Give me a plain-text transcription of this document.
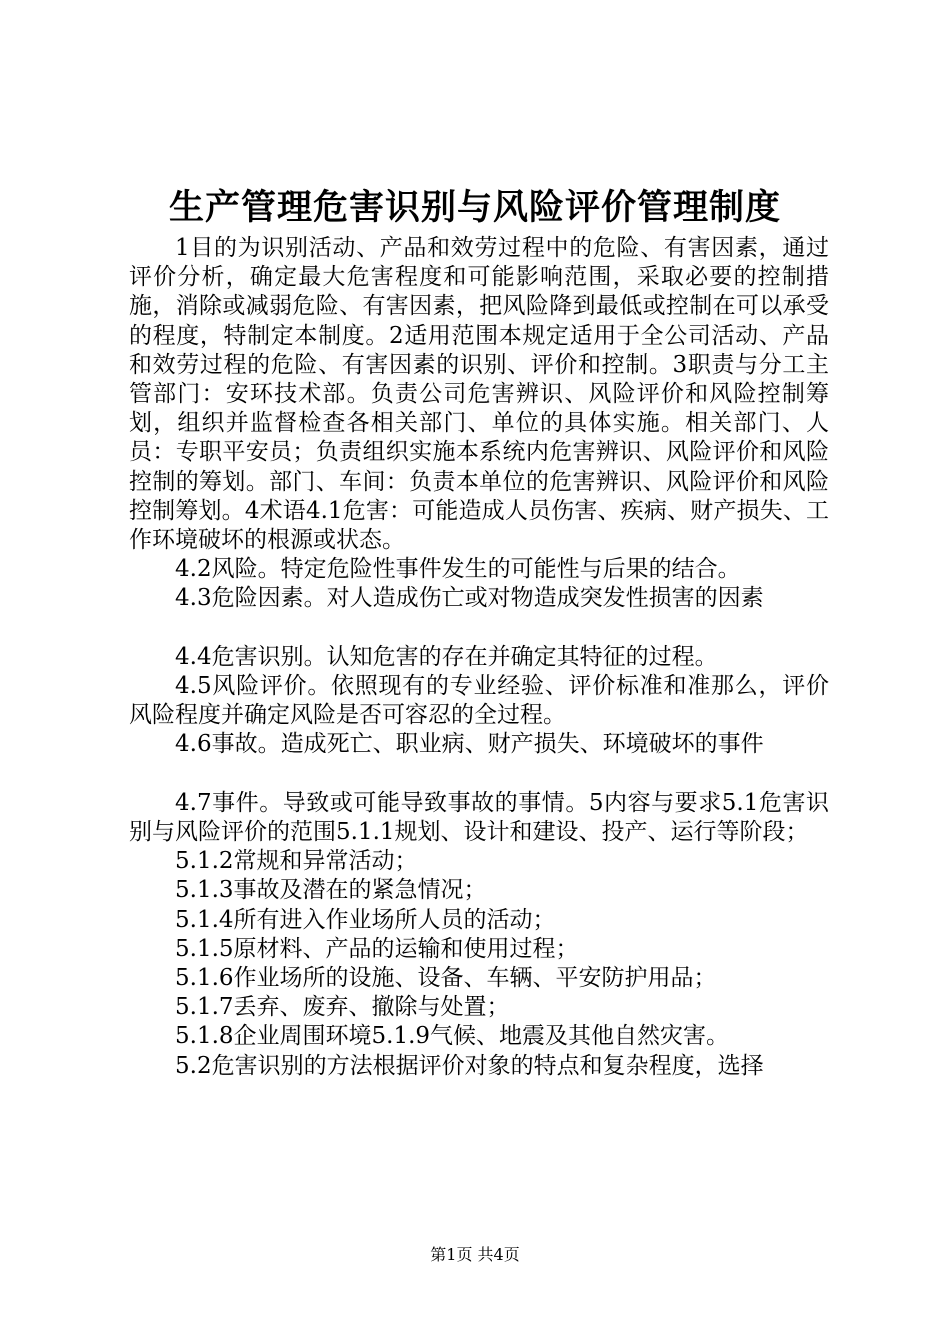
生产管理危害识别与风险评价管理制度

1目的为识别活动、产品和效劳过程中的危险、有害因素，通过评价分析，确定最大危害程度和可能影响范围，采取必要的控制措施，消除或减弱危险、有害因素，把风险降到最低或控制在可以承受的程度，特制定本制度。2适用范围本规定适用于全公司活动、产品和效劳过程的危险、有害因素的识别、评价和控制。3职责与分工主管部门：安环技术部。负责公司危害辨识、风险评价和风险控制筹划，组织并监督检查各相关部门、单位的具体实施。相关部门、人员：专职平安员；负责组织实施本系统内危害辨识、风险评价和风险控制的筹划。部门、车间：负责本单位的危害辨识、风险评价和风险控制筹划。4术语4.1危害：可能造成人员伤害、疾病、财产损失、工作环境破坏的根源或状态。

4.2风险。特定危险性事件发生的可能性与后果的结合。

4.3危险因素。对人造成伤亡或对物造成突发性损害的因素

4.4危害识别。认知危害的存在并确定其特征的过程。

4.5风险评价。依照现有的专业经验、评价标准和准那么，评价风险程度并确定风险是否可容忍的全过程。

4.6事故。造成死亡、职业病、财产损失、环境破坏的事件

4.7事件。导致或可能导致事故的事情。5内容与要求5.1危害识别与风险评价的范围5.1.1规划、设计和建设、投产、运行等阶段；

5.1.2常规和异常活动；

5.1.3事故及潜在的紧急情况；

5.1.4所有进入作业场所人员的活动；

5.1.5原材料、产品的运输和使用过程；

5.1.6作业场所的设施、设备、车辆、平安防护用品；

5.1.7丢弃、废弃、撤除与处置；

5.1.8企业周围环境5.1.9气候、地震及其他自然灾害。

5.2危害识别的方法根据评价对象的特点和复杂程度，选择

第1页 共4页
